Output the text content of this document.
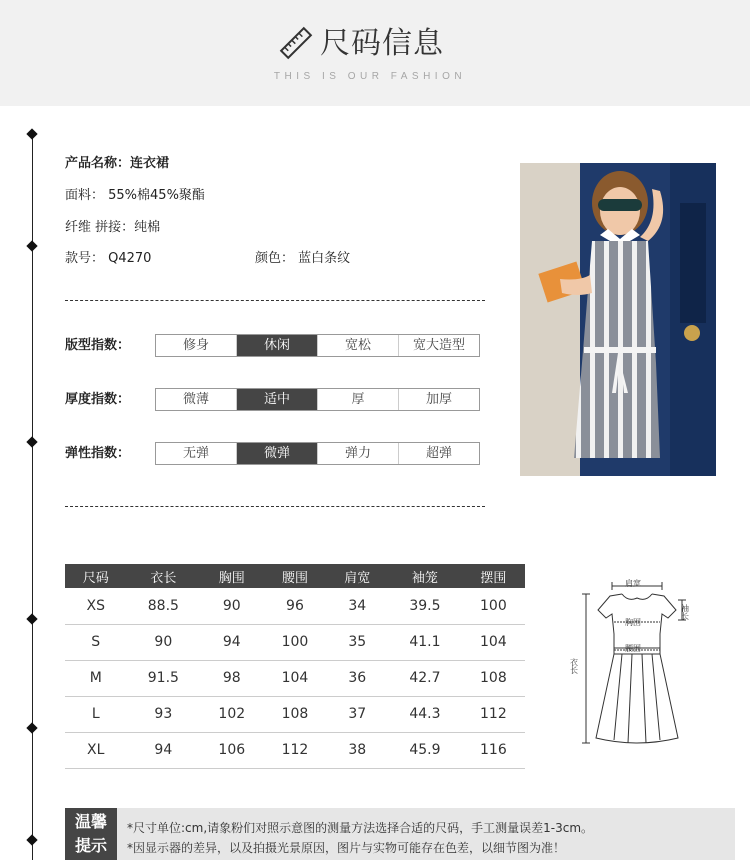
尺码信息
THIS IS OUR FASHION
产品名称：连衣裙
面料： 55%棉45%聚酯
纤维 拼接：纯棉
款号： Q4270	颜色： 蓝白条纹
版型指数：	修身	休闲	宽松	宽大造型
厚度指数：	微薄	适中	厚	加厚
弹性指数：	无弹	微弹	弹力	超弹
尺码	衣长	胸围	腰围	肩宽	袖笼	摆围
XS	88.5	90	96	34	39.5	100
S	90	94	100	35	41.1	104
M	91.5	98	104	36	42.7	108
L	93	102	108	37	44.3	112
XL	94	106	112	38	45.9	116
肩宽
胸围
腰围
衣长
袖长
温馨
提示
*尺寸单位:cm,请象粉们对照示意图的测量方法选择合适的尺码，手工测量误差1-3cm。
*因显示器的差异，以及拍摄光景原因，图片与实物可能存在色差，以细节图为准！
